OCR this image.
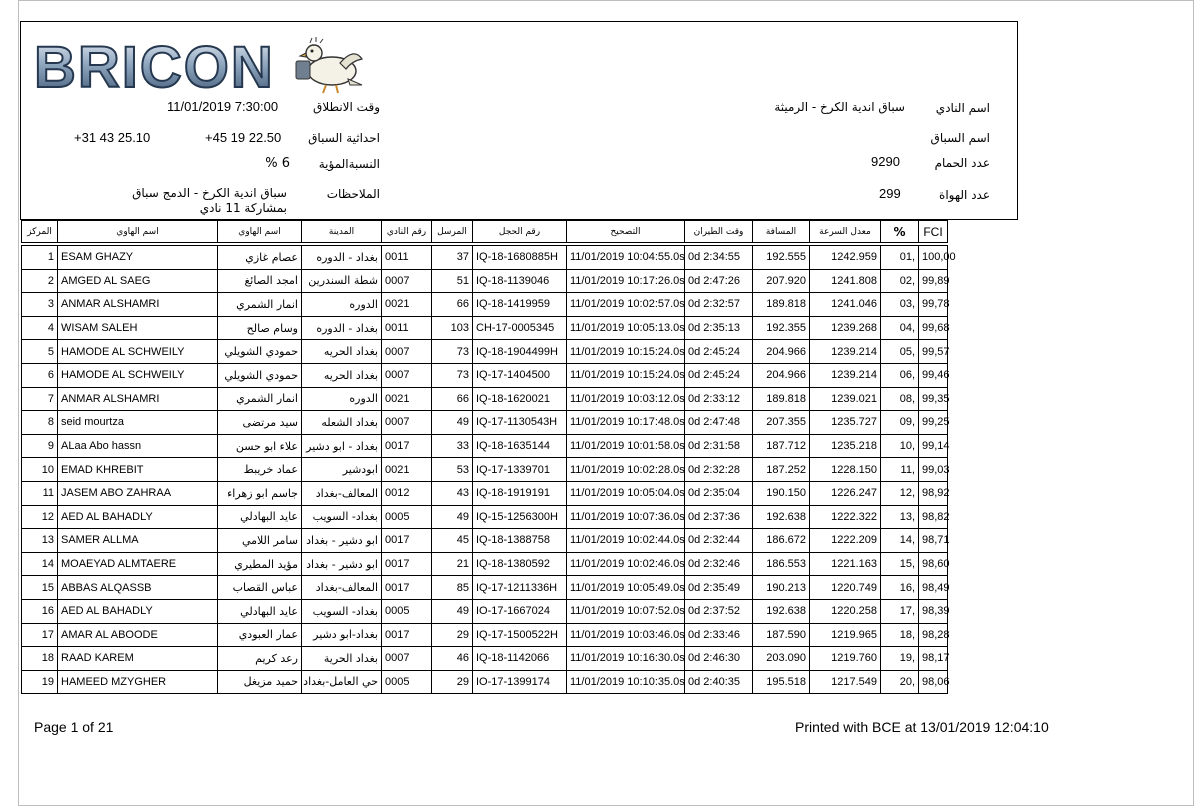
BRICON
11/01/2019 7:30:00	وقت الانطلاق
+31 43 25.10	+45 19 22.50 احداثية السباق
6 % النسبةالمؤية
سباق اندية الكرخ - الدمج سباق
بمشاركة 11 نادي
الملاحظات
سباق اندية الكرخ - الرميثة	اسم النادي
اسم السباق
9290	عدد الحمام
299	عدد الهواة
المركز	اسم الهاوي	اسم الهاوي	المدينة	رقم النادي	المرسل	رقم الحجل	التصحيح	وقت الطيران	المسافة	معدل السرعة	%	FCI

1	ESAM GHAZY	عصام غازي	بغداد - الدوره	0011	37	IQ-18-1680885H	11/01/2019 10:04:55.0s	0d 2:34:55	192.555	1242.959	01,	100,00
2	AMGED AL SAEG	امجد الصائغ	شطة السندرين	0007	51	IQ-18-1139046	11/01/2019 10:17:26.0s	0d 2:47:26	207.920	1241.808	02,	99,89
3	ANMAR ALSHAMRI	انمار الشمري	الدوره	0021	66	IQ-18-1419959	11/01/2019 10:02:57.0s	0d 2:32:57	189.818	1241.046	03,	99,78
4	WISAM SALEH	وسام صالح	بغداد - الدوره	0011	103	CH-17-0005345	11/01/2019 10:05:13.0s	0d 2:35:13	192.355	1239.268	04,	99,68
5	HAMODE AL SCHWEILY	حمودي الشويلي	بغداد الحريه	0007	73	IQ-18-1904499H	11/01/2019 10:15:24.0s	0d 2:45:24	204.966	1239.214	05,	99,57
6	HAMODE AL SCHWEILY	حمودي الشويلي	بغداد الحريه	0007	73	IQ-17-1404500	11/01/2019 10:15:24.0s	0d 2:45:24	204.966	1239.214	06,	99,46
7	ANMAR ALSHAMRI	انمار الشمري	الدوره	0021	66	IQ-18-1620021	11/01/2019 10:03:12.0s	0d 2:33:12	189.818	1239.021	08,	99,35
8	seid mourtza	سيد مرتضى	بغداد الشعله	0007	49	IQ-17-1130543H	11/01/2019 10:17:48.0s	0d 2:47:48	207.355	1235.727	09,	99,25
9	ALaa Abo hassn	علاء ابو حسن	بغداد - ابو دشير	0017	33	IQ-18-1635144	11/01/2019 10:01:58.0s	0d 2:31:58	187.712	1235.218	10,	99,14
10	EMAD KHREBIT	عماد خريبط	ابودشير	0021	53	IQ-17-1339701	11/01/2019 10:02:28.0s	0d 2:32:28	187.252	1228.150	11,	99,03
11	JASEM ABO ZAHRAA	جاسم ابو زهراء	المعالف-بغداد	0012	43	IQ-18-1919191	11/01/2019 10:05:04.0s	0d 2:35:04	190.150	1226.247	12,	98,92
12	AED AL BAHADLY	عايد البهادلي	بغداد- السويب	0005	49	IQ-15-1256300H	11/01/2019 10:07:36.0s	0d 2:37:36	192.638	1222.322	13,	98,82
13	SAMER ALLMA	سامر اللامي	ابو دشير - بغداد	0017	45	IQ-18-1388758	11/01/2019 10:02:44.0s	0d 2:32:44	186.672	1222.209	14,	98,71
14	MOAEYAD ALMTAERE	مؤيد المطيري	ابو دشير - بغداد	0017	21	IQ-18-1380592	11/01/2019 10:02:46.0s	0d 2:32:46	186.553	1221.163	15,	98,60
15	ABBAS ALQASSB	عباس القصاب	المعالف-بغداد	0017	85	IQ-17-1211336H	11/01/2019 10:05:49.0s	0d 2:35:49	190.213	1220.749	16,	98,49
16	AED AL BAHADLY	عايد البهادلي	بغداد- السويب	0005	49	IO-17-1667024	11/01/2019 10:07:52.0s	0d 2:37:52	192.638	1220.258	17,	98,39
17	AMAR AL ABOODE	عمار العبودي	بغداد-ابو دشير	0017	29	IQ-17-1500522H	11/01/2019 10:03:46.0s	0d 2:33:46	187.590	1219.965	18,	98,28
18	RAAD KAREM	رعد كريم	بغداد الحرية	0007	46	IQ-18-1142066	11/01/2019 10:16:30.0s	0d 2:46:30	203.090	1219.760	19,	98,17
19	HAMEED MZYGHER	حميد مزيغل	حي العامل-بغداد	0005	29	IO-17-1399174	11/01/2019 10:10:35.0s	0d 2:40:35	195.518	1217.549	20,	98,06
Page 1 of 21	Printed with BCE at 13/01/2019 12:04:10
